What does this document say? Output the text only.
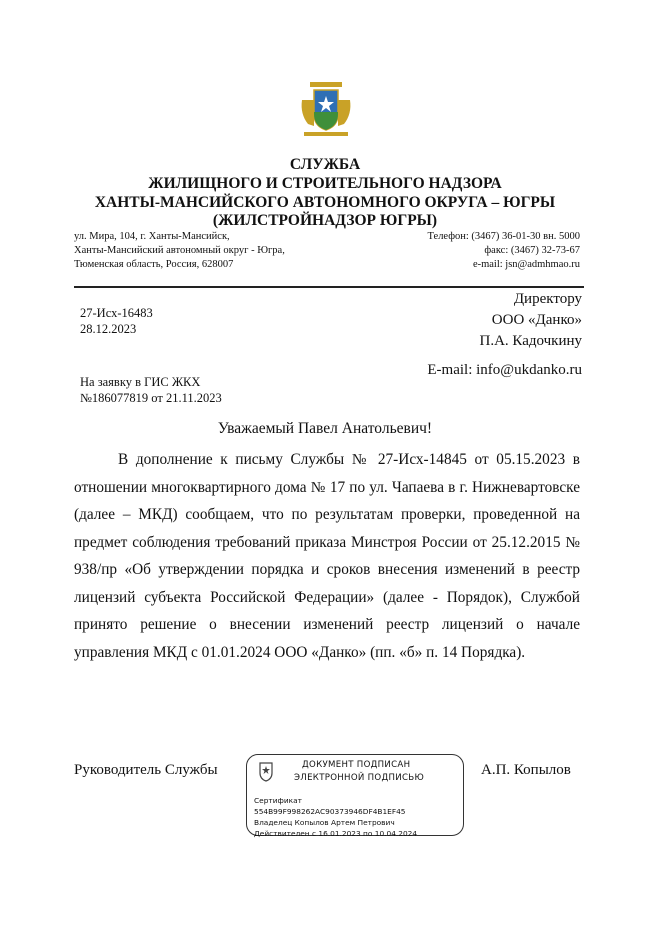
СЛУЖБА
ЖИЛИЩНОГО И СТРОИТЕЛЬНОГО НАДЗОРА
ХАНТЫ-МАНСИЙСКОГО АВТОНОМНОГО ОКРУГА – ЮГРЫ
(ЖИЛСТРОЙНАДЗОР ЮГРЫ)
ул. Мира, 104, г. Ханты-Мансийск,
Ханты-Мансийский автономный округ - Югра,
Тюменская область, Россия, 628007
Телефон: (3467) 36-01-30 вн. 5000
факс: (3467) 32-73-67
e-mail: jsn@admhmao.ru
27-Исх-16483
28.12.2023
Директору
ООО «Данко»
П.А. Кадочкину
E-mail: info@ukdanko.ru
На заявку в ГИС ЖКХ
№186077819 от 21.11.2023
Уважаемый Павел Анатольевич!

В дополнение к письму Службы № 27-Исх-14845 от 05.15.2023 в отношении многоквартирного дома № 17 по ул. Чапаева в г. Нижневартовске (далее – МКД) сообщаем, что по результатам проверки, проведенной на предмет соблюдения требований приказа Минстроя России от 25.12.2015 № 938/пр «Об утверждении порядка и сроков внесения изменений в реестр лицензий субъекта Российской Федерации» (далее - Порядок), Службой принято решение о внесении изменений реестр лицензий о начале управления МКД с 01.01.2024 ООО «Данко» (пп. «б» п. 14 Порядка).

Руководитель Службы	А.П. Копылов
ДОКУМЕНТ ПОДПИСАН
ЭЛЕКТРОННОЙ ПОДПИСЬЮ
Сертификат
554B99F998262AC90373946DF4B1EF45
Владелец Копылов Артем Петрович
Действителен с 16.01.2023 по 10.04.2024
